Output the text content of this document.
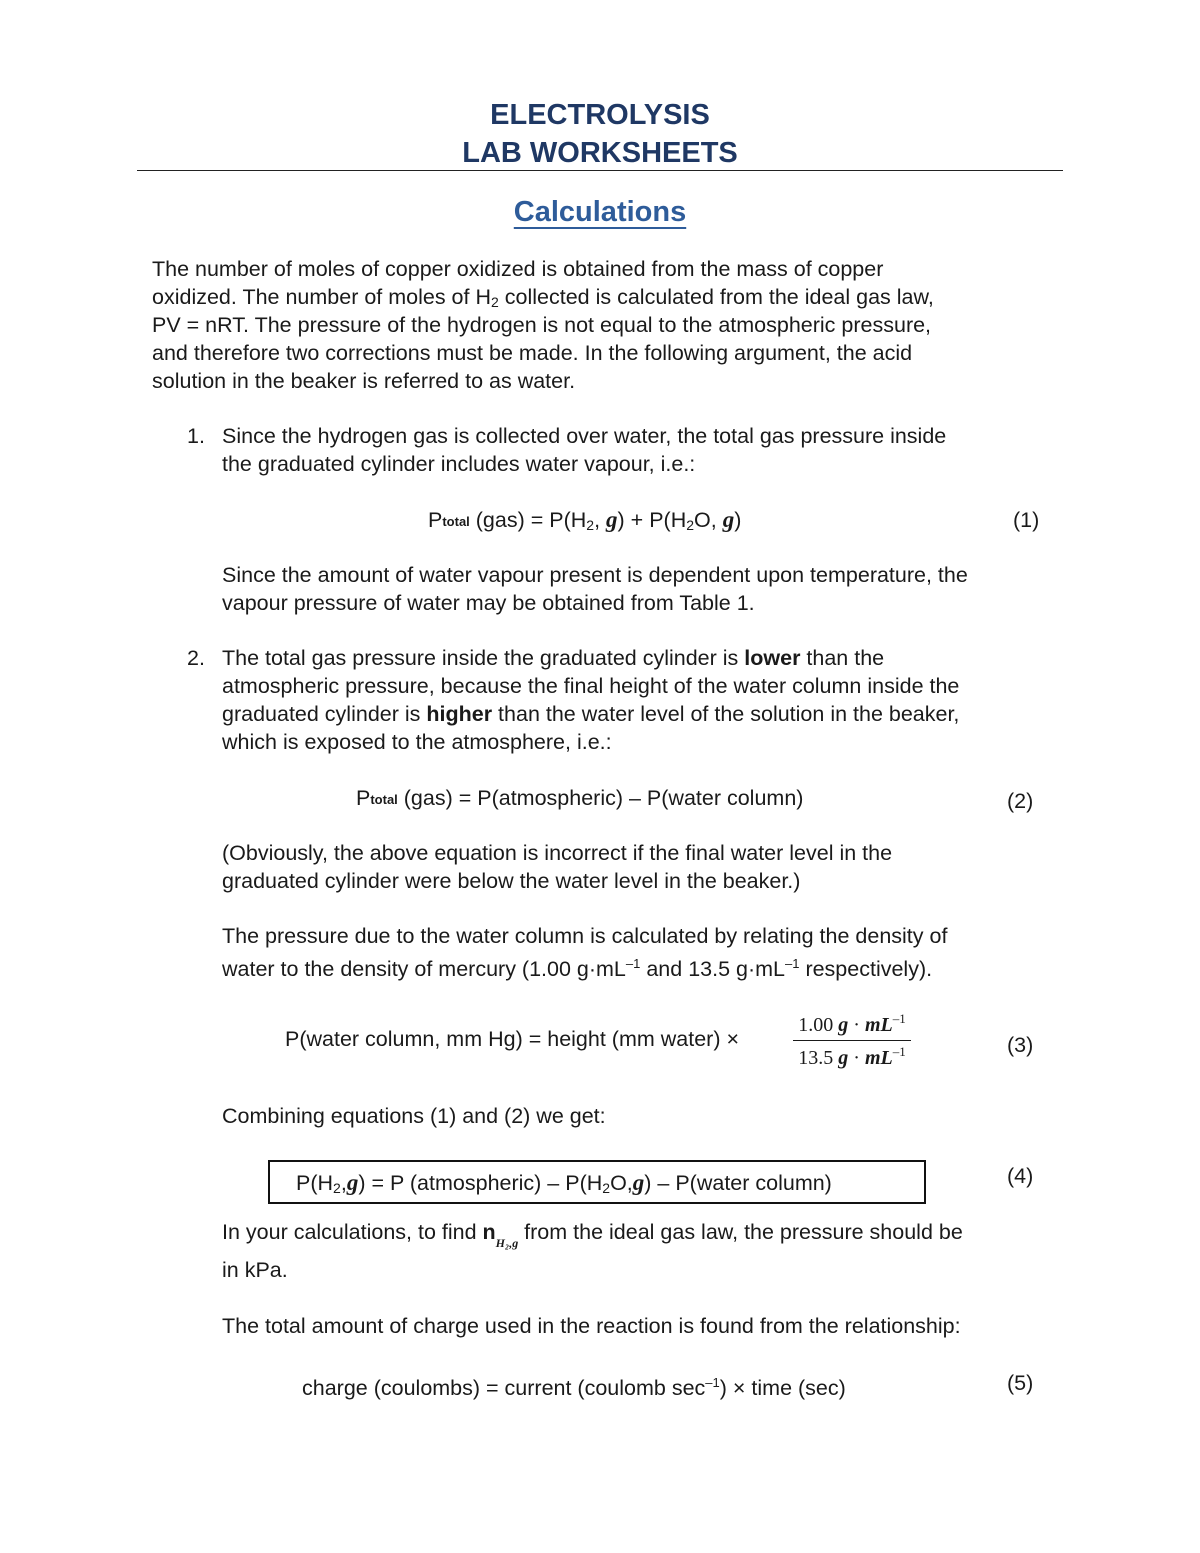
ELECTROLYSIS
LAB WORKSHEETS
Calculations
The number of moles of copper oxidized is obtained from the mass of copper
oxidized. The number of moles of $H_2$ collected is calculated from the ideal gas law,
PV = nRT. The pressure of the hydrogen is not equal to the atmospheric pressure,
and therefore two corrections must be made. In the following argument, the acid
solution in the beaker is referred to as water.
1. Since the hydrogen gas is collected over water, the total gas pressure inside
the graduated cylinder includes water vapour, i.e.:
Ptotal $(gas) = P(H_2$, $g) + P(H_2O$, g)	(1)
Since the amount of water vapour present is dependent upon temperature, the
vapour pressure of water may be obtained from Table 1.
2. The total gas pressure inside the graduated cylinder is lower than the
atmospheric pressure, because the final height of the water column inside the
graduated cylinder is higher than the water level of the solution in the beaker,
which is exposed to the atmosphere, i.e.:
Ptotal (gas) = P(atmospheric) – P(water column)	(2)
(Obviously, the above equation is incorrect if the final water level in the
graduated cylinder were below the water level in the beaker.)
The pressure due to the water column is calculated by relating the density of
water to the density of mercury (1.00 $g\cdot mL^{-1}$ and 13.5 $g\cdot mL^{-1}$ respectively).
P(water column, mm Hg) = height (mm water) ×
1.00 $g \cdot mL^{-1}$
13.5 $g \cdot mL^{-1}$	(3)
Combining equations (1) and (2) we get:
$P(H_2,g) = P$ (atmospheric) – $P(H_2O,g)$ – P(water column)	(4)
In your calculations, to find $n_{H_2,g}$ from the ideal gas law, the pressure should be
in kPa.
The total amount of charge used in the reaction is found from the relationship:
charge (coulombs) = current (coulomb $\sec^{-1}$) × time (sec)	(5)
